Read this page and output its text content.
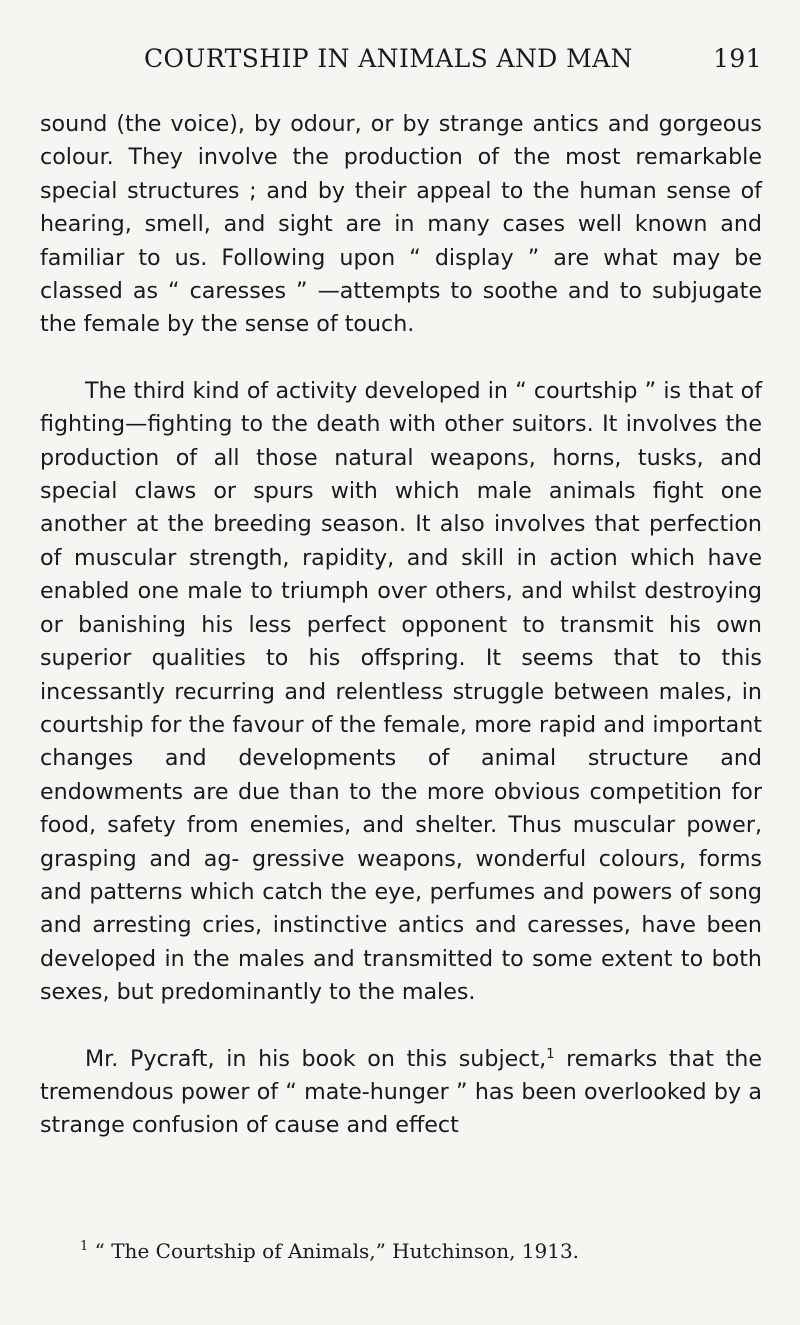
COURTSHIP IN ANIMALS AND MAN	191

sound (the voice), by odour, or by strange antics and gorgeous colour. They involve the production of the most remarkable special structures ; and by their appeal to the human sense of hearing, smell, and sight are in many cases well known and familiar to us. Following upon “ display ” are what may be classed as “ caresses ” —attempts to soothe and to subjugate the female by the sense of touch.

The third kind of activity developed in “ courtship ” is that of fighting—fighting to the death with other suitors. It involves the production of all those natural weapons, horns, tusks, and special claws or spurs with which male animals fight one another at the breeding season. It also involves that perfection of muscular strength, rapidity, and skill in action which have enabled one male to triumph over others, and whilst destroying or banishing his less perfect opponent to transmit his own superior qualities to his offspring. It seems that to this incessantly recurring and relentless struggle between males, in courtship for the favour of the female, more rapid and important changes and developments of animal structure and endowments are due than to the more obvious competition for food, safety from enemies, and shelter. Thus muscular power, grasping and ag- gressive weapons, wonderful colours, forms and patterns which catch the eye, perfumes and powers of song and arresting cries, instinctive antics and caresses, have been developed in the males and transmitted to some extent to both sexes, but predominantly to the males.

Mr. Pycraft, in his book on this subject,$^1$ remarks that the tremendous power of “ mate-hunger ” has been overlooked by a strange confusion of cause and effect

$^1$ “ The Courtship of Animals,” Hutchinson, 1913.
